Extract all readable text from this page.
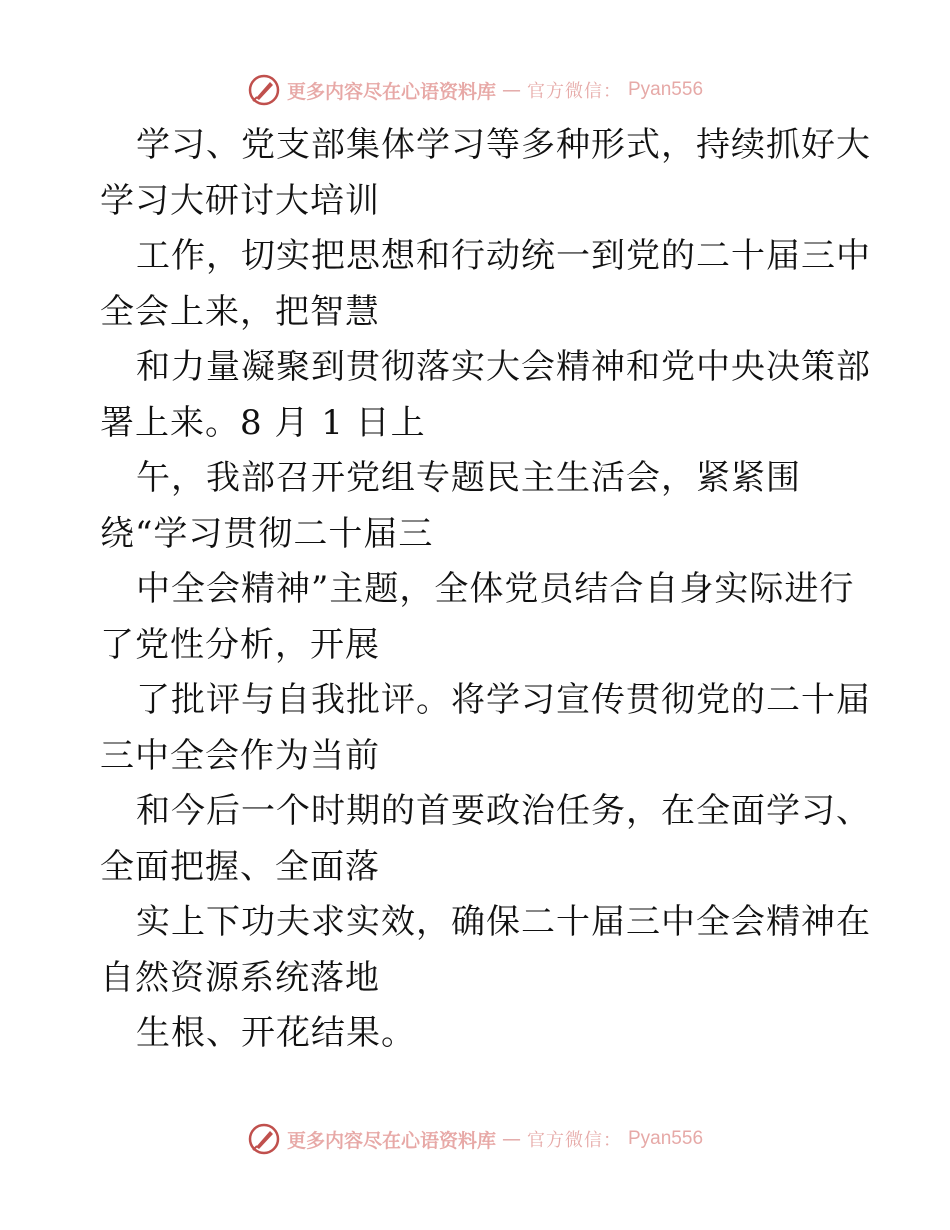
更多内容尽在心语资料库 — 官方微信： Pyan556
学习、党支部集体学习等多种形式，持续抓好大
学习大研讨大培训
工作，切实把思想和行动统一到党的二十届三中
全会上来，把智慧
和力量凝聚到贯彻落实大会精神和党中央决策部
署上来。8 月 1 日上
午，我部召开党组专题民主生活会，紧紧围
绕“学习贯彻二十届三
中全会精神”主题，全体党员结合自身实际进行
了党性分析，开展
了批评与自我批评。将学习宣传贯彻党的二十届
三中全会作为当前
和今后一个时期的首要政治任务，在全面学习、
全面把握、全面落
实上下功夫求实效，确保二十届三中全会精神在
自然资源系统落地
生根、开花结果。
更多内容尽在心语资料库 — 官方微信： Pyan556
